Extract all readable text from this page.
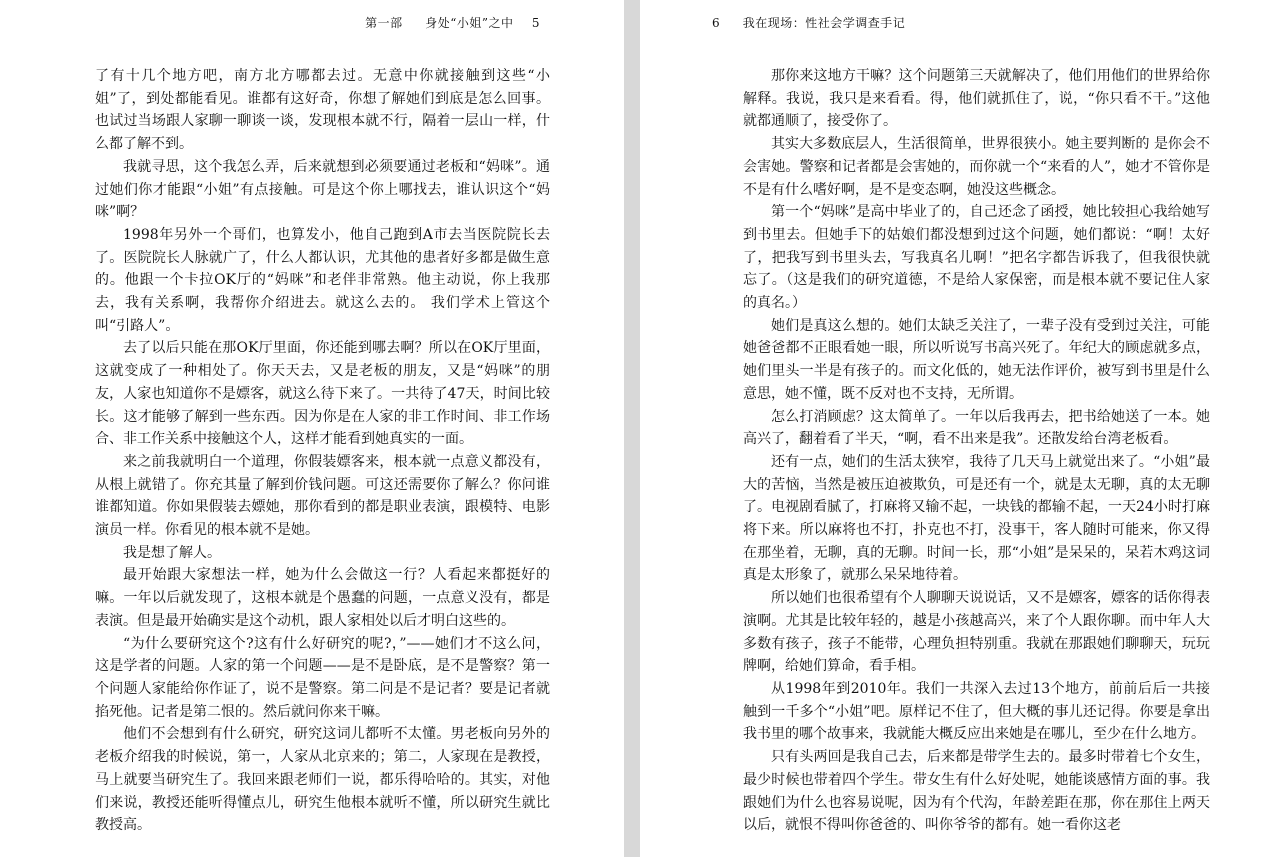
第一部 身处“小姐”之中 5

了有十几个地方吧，南方北方哪都去过。无意中你就接触到这些“小姐”了，到处都能看见。谁都有这好奇，你想了解她们到底是怎么回事。也试过当场跟人家聊一聊谈一谈，发现根本就不行，隔着一层山一样，什么都了解不到。

我就寻思，这个我怎么弄，后来就想到必须要通过老板和“妈咪”。通过她们你才能跟“小姐”有点接触。可是这个你上哪找去，谁认识这个“妈咪”啊？

1998年另外一个哥们，也算发小，他自己跑到A市去当医院院长去了。医院院长人脉就广了，什么人都认识，尤其他的患者好多都是做生意的。他跟一个卡拉OK厅的“妈咪”和老伴非常熟。他主动说，你上我那去，我有关系啊，我帮你介绍进去。就这么去的。 我们学术上管这个叫“引路人”。

去了以后只能在那OK厅里面，你还能到哪去啊？所以在OK厅里面，这就变成了一种相处了。你天天去，又是老板的朋友，又是“妈咪”的朋友，人家也知道你不是嫖客，就这么待下来了。一共待了47天，时间比较长。这才能够了解到一些东西。因为你是在人家的非工作时间、非工作场合、非工作关系中接触这个人，这样才能看到她真实的一面。

来之前我就明白一个道理，你假装嫖客来，根本就一点意义都没有，从根上就错了。你充其量了解到价钱问题。可这还需要你了解么？你问谁谁都知道。你如果假装去嫖她，那你看到的都是职业表演，跟模特、电影演员一样。你看见的根本就不是她。

我是想了解人。

最开始跟大家想法一样，她为什么会做这一行？人看起来都挺好的嘛。一年以后就发现了，这根本就是个愚蠢的问题，一点意义没有，都是表演。但是最开始确实是这个动机，跟人家相处以后才明白这些的。

“为什么要研究这个?这有什么好研究的呢?，”——她们才不这么问，这是学者的问题。人家的第一个问题——是不是卧底，是不是警察？第一个问题人家能给你作证了，说不是警察。第二问是不是记者？要是记者就掐死他。记者是第二恨的。然后就问你来干嘛。

他们不会想到有什么研究，研究这词儿都听不太懂。男老板向另外的老板介绍我的时候说，第一，人家从北京来的；第二，人家现在是教授，马上就要当研究生了。我回来跟老师们一说，都乐得哈哈的。其实，对他们来说，教授还能听得懂点儿，研究生他根本就听不懂，所以研究生就比教授高。

6 我在现场：性社会学调查手记

那你来这地方干嘛？这个问题第三天就解决了，他们用他们的世界给你解释。我说，我只是来看看。得，他们就抓住了，说，“你只看不干。”这他就都通顺了，接受你了。

其实大多数底层人，生活很简单，世界很狭小。她主要判断的 是你会不会害她。警察和记者都是会害她的，而你就一个“来看的人”，她才不管你是不是有什么嗜好啊，是不是变态啊，她没这些概念。

第一个“妈咪”是高中毕业了的，自己还念了函授，她比较担心我给她写到书里去。但她手下的姑娘们都没想到过这个问题，她们都说：“啊！太好了，把我写到书里头去，写我真名儿啊！”把名字都告诉我了，但我很快就忘了。（这是我们的研究道德，不是给人家保密，而是根本就不要记住人家的真名。）

她们是真这么想的。她们太缺乏关注了，一辈子没有受到过关注，可能她爸爸都不正眼看她一眼，所以听说写书高兴死了。年纪大的顾虑就多点，她们里头一半是有孩子的。而文化低的，她无法作评价，被写到书里是什么意思，她不懂，既不反对也不支持，无所谓。

怎么打消顾虑？这太简单了。一年以后我再去，把书给她送了一本。她高兴了，翻着看了半天，“啊，看不出来是我”。还散发给台湾老板看。

还有一点，她们的生活太狭窄，我待了几天马上就觉出来了。“小姐”最大的苦恼，当然是被压迫被欺负，可是还有一个，就是太无聊，真的太无聊了。电视剧看腻了，打麻将又输不起，一块钱的都输不起，一天24小时打麻将下来。所以麻将也不打，扑克也不打，没事干，客人随时可能来，你又得在那坐着，无聊，真的无聊。时间一长，那“小姐”是呆呆的，呆若木鸡这词真是太形象了，就那么呆呆地待着。

所以她们也很希望有个人聊聊天说说话，又不是嫖客，嫖客的话你得表演啊。尤其是比较年轻的，越是小孩越高兴，来了个人跟你聊。而中年人大多数有孩子，孩子不能带，心理负担特别重。我就在那跟她们聊聊天，玩玩牌啊，给她们算命，看手相。

从1998年到2010年。我们一共深入去过13个地方，前前后后一共接触到一千多个“小姐”吧。原样记不住了，但大概的事儿还记得。你要是拿出我书里的哪个故事来，我就能大概反应出来她是在哪儿，至少在什么地方。

只有头两回是我自己去，后来都是带学生去的。最多时带着七个女生，最少时候也带着四个学生。带女生有什么好处呢，她能谈感情方面的事。我跟她们为什么也容易说呢，因为有个代沟，年龄差距在那，你在那住上两天以后，就恨不得叫你爸爸的、叫你爷爷的都有。她一看你这老
